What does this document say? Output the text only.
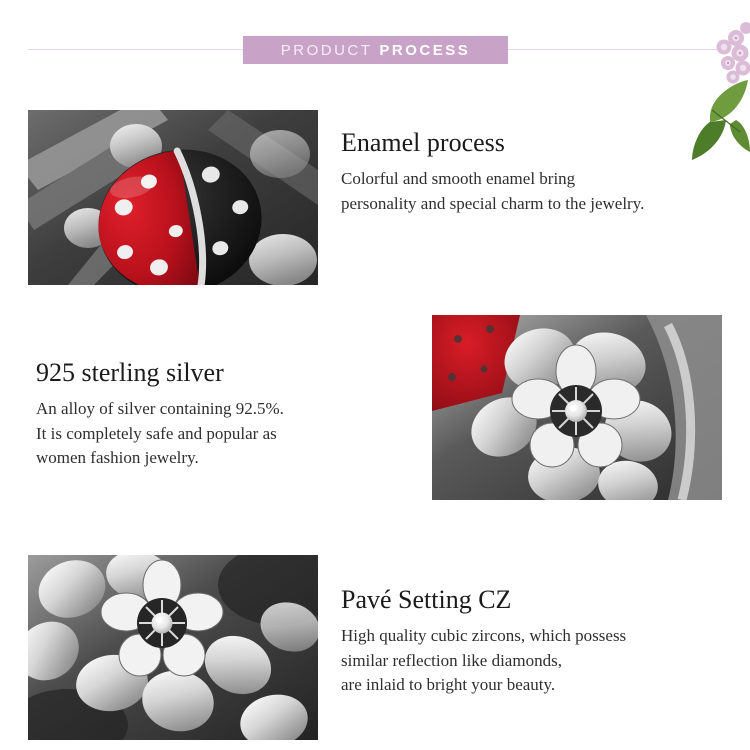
PRODUCT PROCESS
Enamel process

Colorful and smooth enamel bring

personality and special charm to the jewelry.

925 sterling silver

An alloy of silver containing 92.5%.

It is completely safe and popular as

women fashion jewelry.

Pavé Setting CZ

High quality cubic zircons, which possess

similar reflection like diamonds,

are inlaid to bright your beauty.
